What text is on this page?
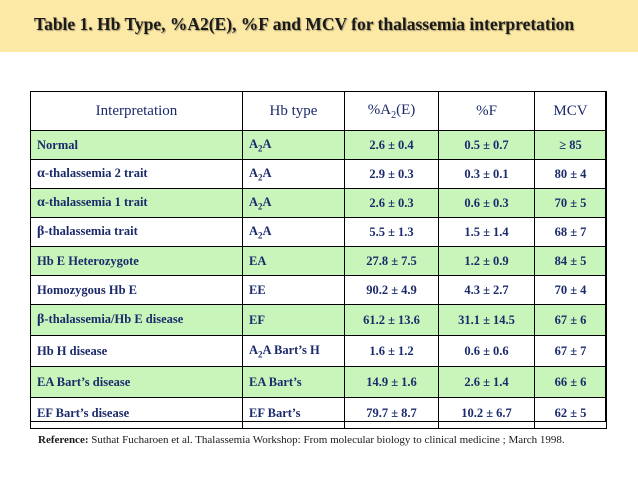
Table 1. Hb Type, %A2(E), %F and MCV for thalassemia interpretation
Interpretation	Hb type	$\%A_2(E)$	%F	MCV
Normal	$A_2A$	2.6 ± 0.4	0.5 ± 0.7	≥ 85
α-thalassemia 2 trait	$A_2A$	2.9 ± 0.3	0.3 ± 0.1	80 ± 4
α-thalassemia 1 trait	$A_2A$	2.6 ± 0.3	0.6 ± 0.3	70 ± 5
β-thalassemia trait	$A_2A$	5.5 ± 1.3	1.5 ± 1.4	68 ± 7
Hb E Heterozygote	EA	27.8 ± 7.5	1.2 ± 0.9	84 ± 5
Homozygous Hb E	EE	90.2 ± 4.9	4.3 ± 2.7	70 ± 4
β-thalassemia/Hb E disease	EF	61.2 ± 13.6	31.1 ± 14.5	67 ± 6
Hb H disease	$A_2A$ Bart’s H	1.6 ± 1.2	0.6 ± 0.6	67 ± 7
EA Bart’s disease	EA Bart’s	14.9 ± 1.6	2.6 ± 1.4	66 ± 6
EF Bart’s disease	EF Bart’s	79.7 ± 8.7	10.2 ± 6.7	62 ± 5
Reference: Suthat Fucharoen et al. Thalassemia Workshop: From molecular biology to clinical medicine ; March 1998.
